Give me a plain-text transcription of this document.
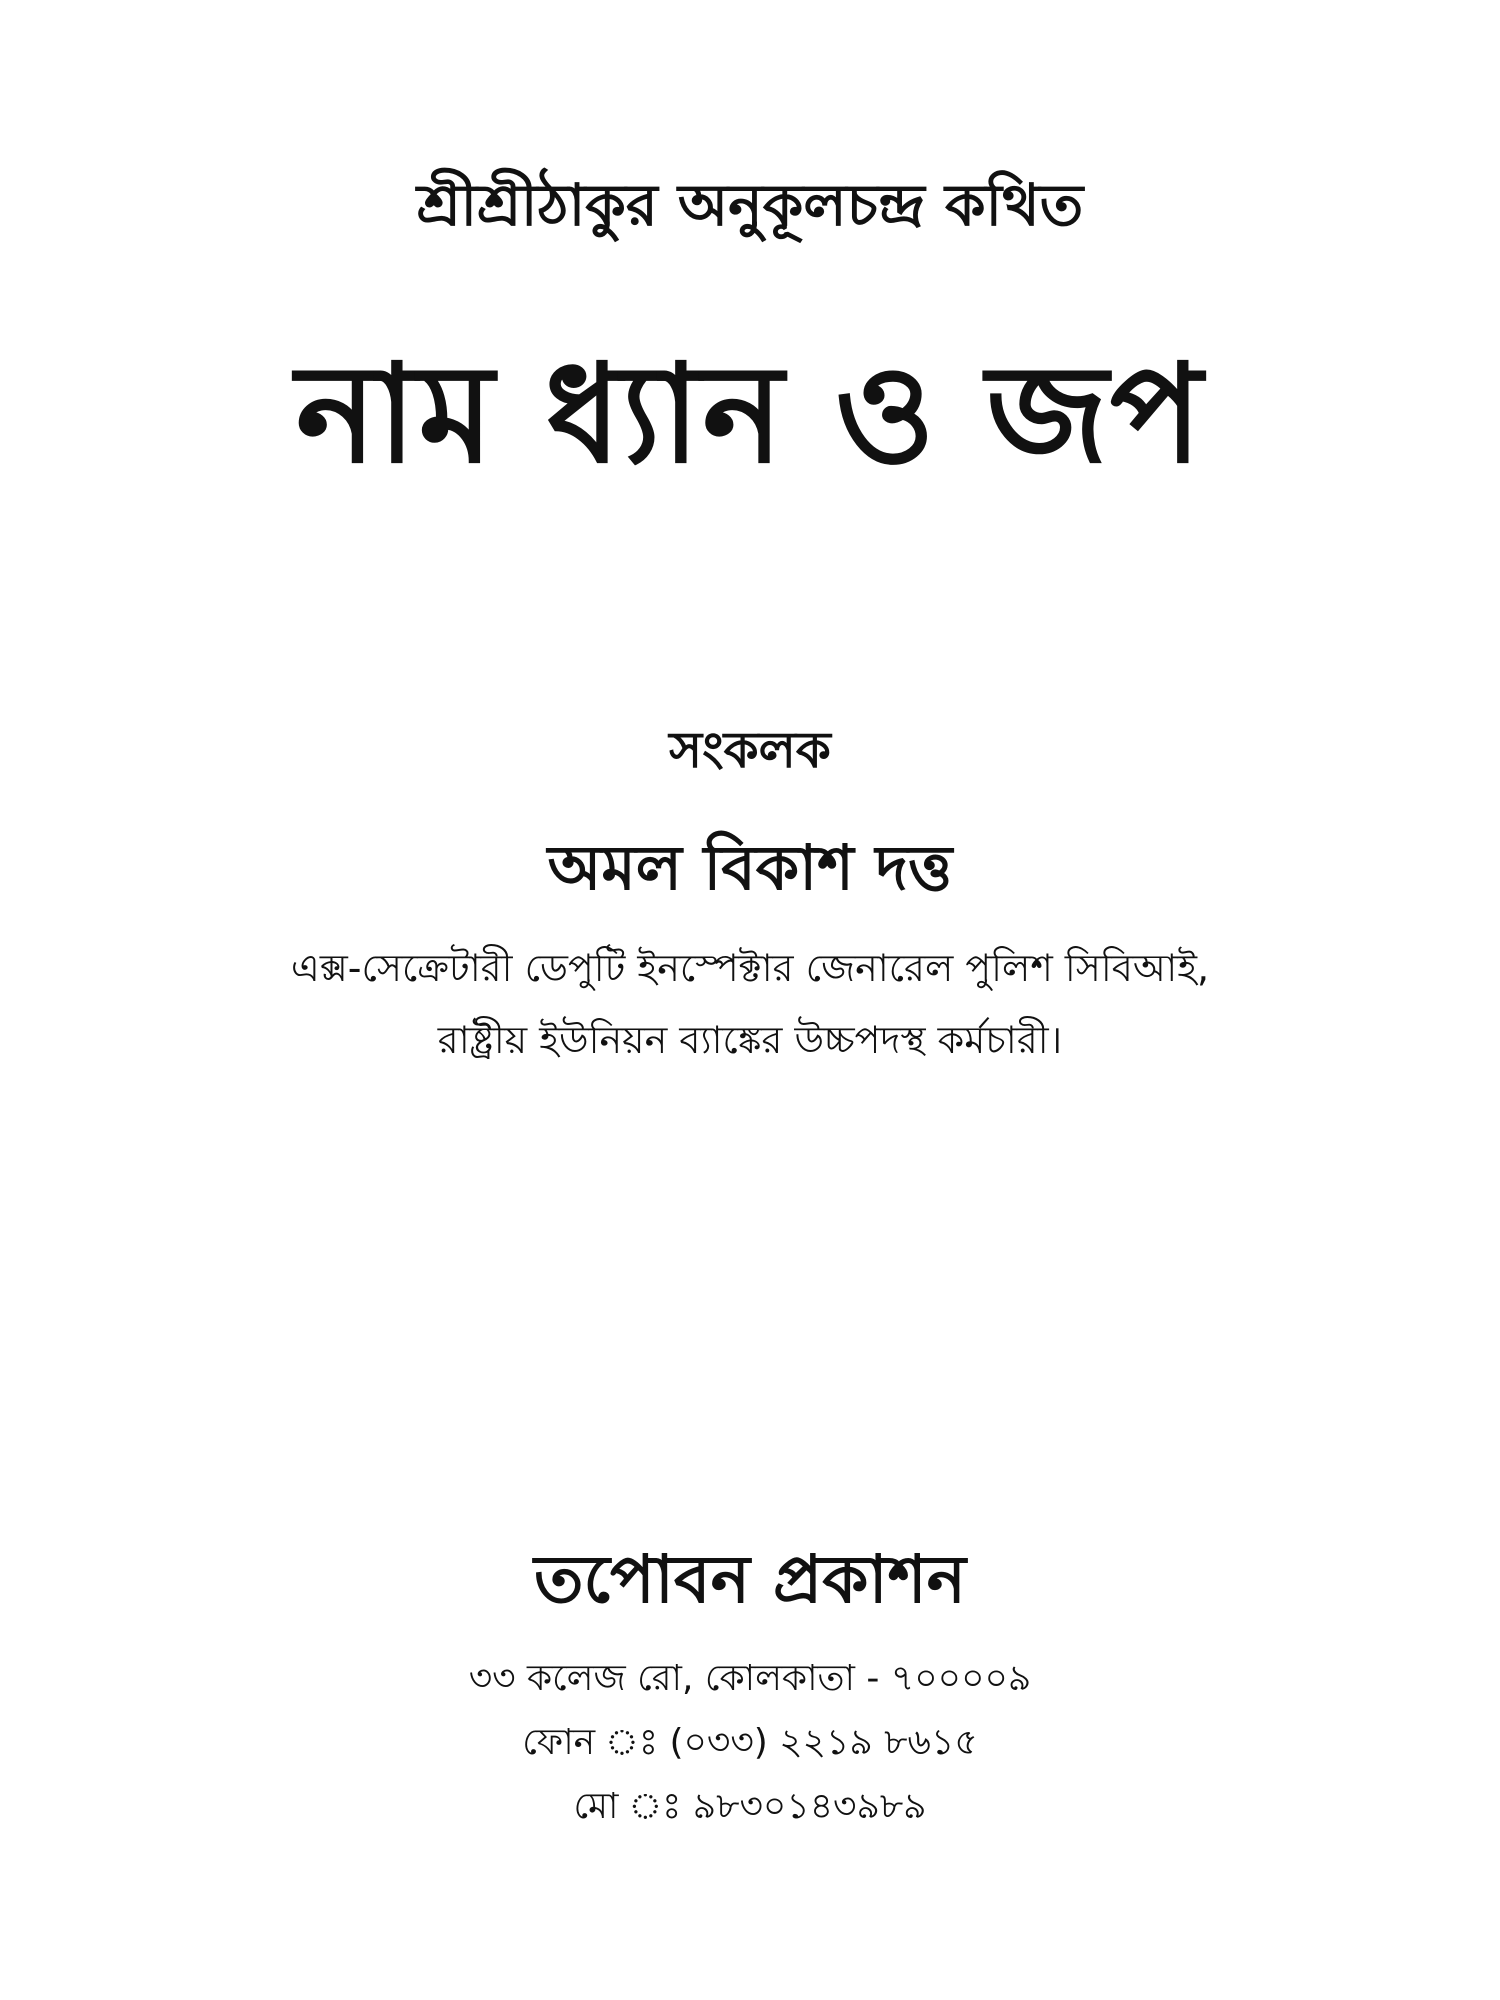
শ্রীশ্রীঠাকুর অনুকূলচন্দ্র কথিত
নাম ধ্যান ও জপ
সংকলক
অমল বিকাশ দত্ত
এক্স-সেক্রেটারী ডেপুটি ইনস্পেক্টার জেনারেল পুলিশ সিবিআই,
রাষ্ট্রীয় ইউনিয়ন ব্যাঙ্কের উচ্চপদস্থ কর্মচারী।
তপোবন প্রকাশন
৩৩ কলেজ রো, কোলকাতা - ৭০০০০৯
ফোন ঃ (০৩৩) ২২১৯ ৮৬১৫
মো ঃ ৯৮৩০১৪৩৯৮৯
